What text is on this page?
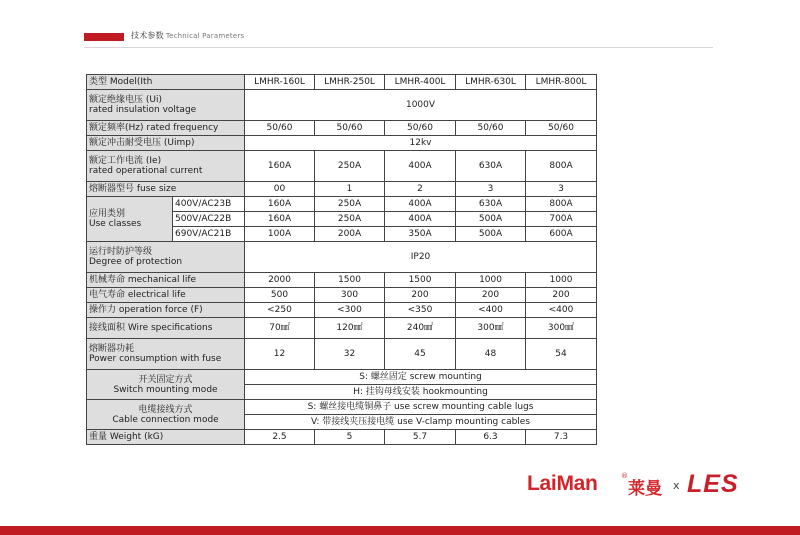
技术参数 Technical Parameters
类型 Model(Ith		LMHR-160L	LMHR-250L	LMHR-400L	LMHR-630L	LMHR-800L
额定绝缘电压 (Ui)
rated insulation voltage		1000V				
额定频率(Hz) rated frequency		50/60	50/60	50/60	50/60	50/60
额定冲击耐受电压 (Uimp)		12kv				
额定工作电流 (Ie)
rated operational current		160A	250A	400A	630A	800A
熔断器型号 fuse size		00	1	2	3	3
应用类别
Use classes	400V/AC23B	160A	250A	400A	630A	800A
	500V/AC22B	160A	250A	400A	500A	700A
	690V/AC21B	100A	200A	350A	500A	600A
运行时防护等级
Degree of protection		IP20				
机械寿命 mechanical life		2000	1500	1500	1000	1000
电气寿命 electrical life		500	300	200	200	200
操作力 operation force (F)		<250	<300	<350	<400	<400
接线面积 Wire specifications		70㎟	120㎟	240㎟	300㎟	300㎟
熔断器功耗
Power consumption with fuse		12	32	45	48	54
开关固定方式
Switch mounting mode		S: 螺丝固定 screw mounting				
		H: 挂钩母线安装 hookmounting				
电缆接线方式
Cable connection mode		S: 螺丝接电缆铜鼻子 use screw mounting cable lugs				
		V: 带接线夹压接电缆 use V-clamp mounting cables				
重量 Weight (kG)		2.5	5	5.7	6.3	7.3
LaiMan	®
莱曼 x LES
